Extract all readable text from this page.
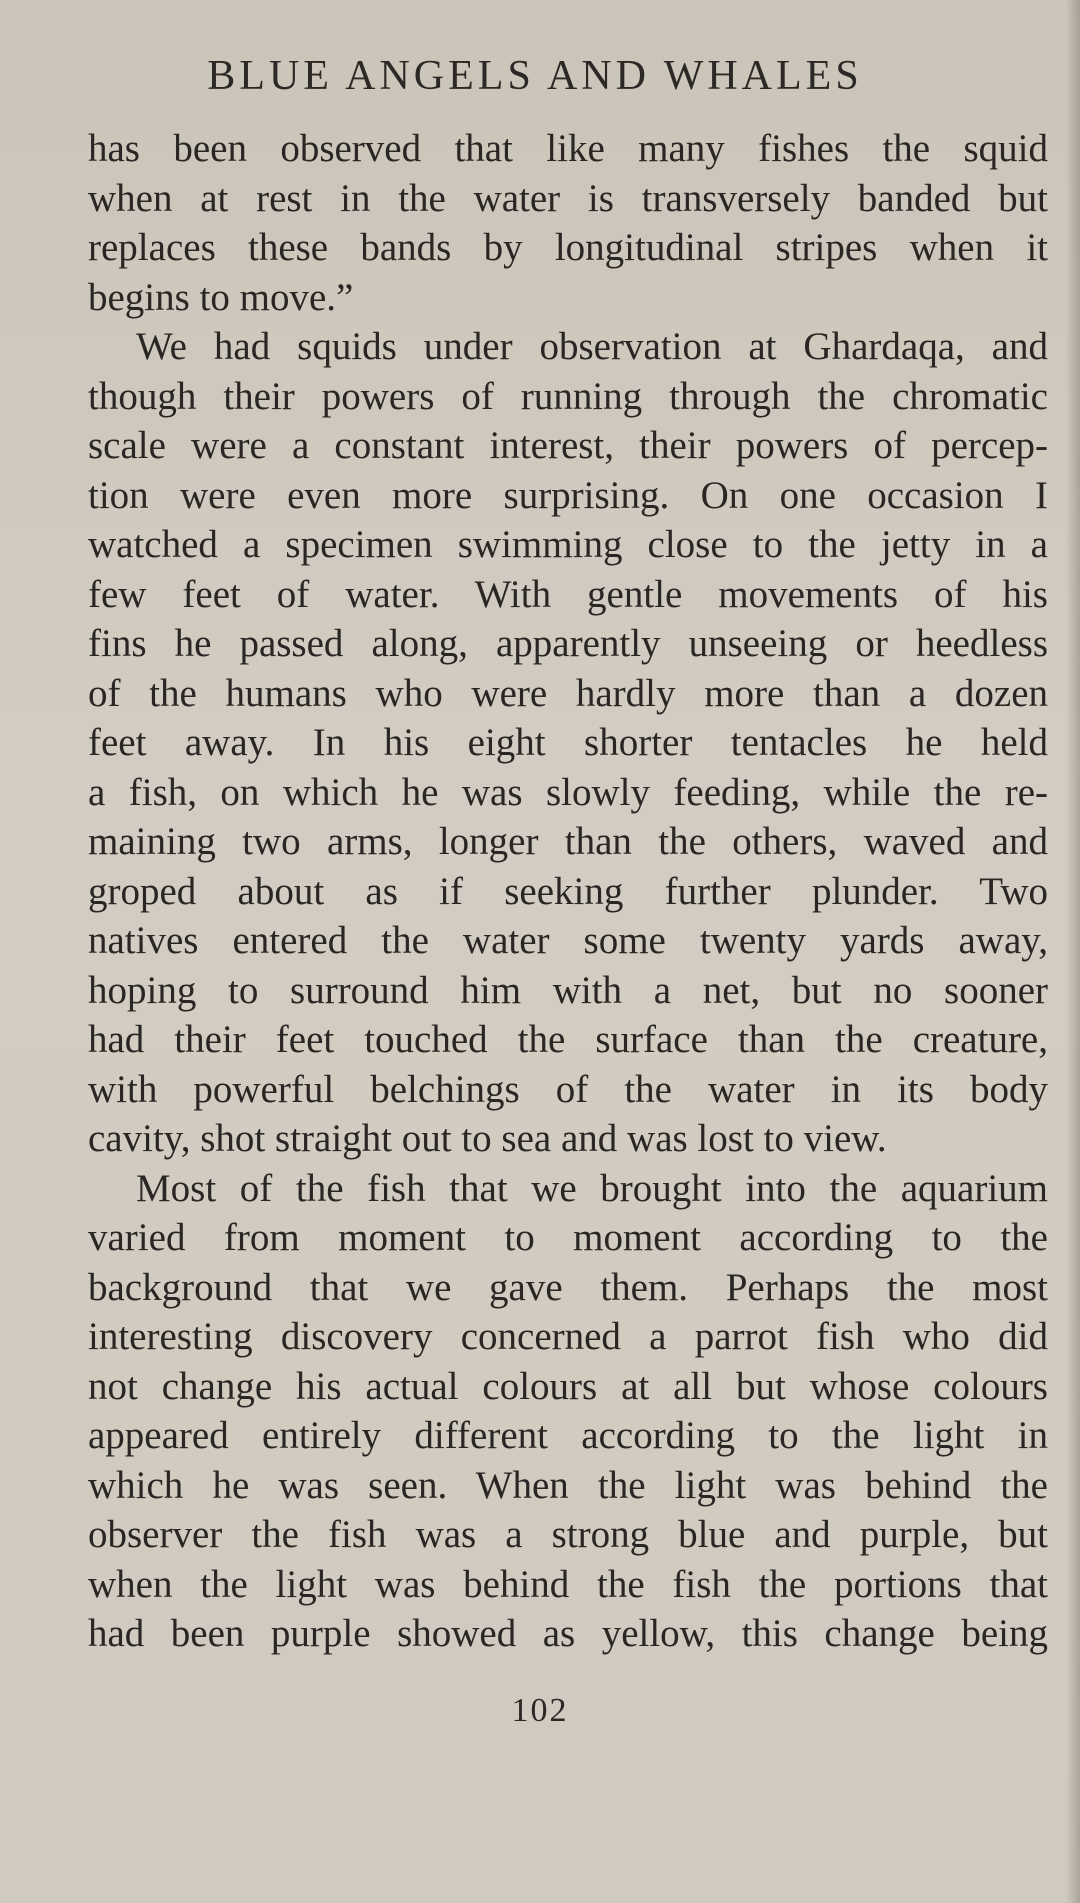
BLUE ANGELS AND WHALES
has been observed that like many fishes the squid
when at rest in the water is transversely banded but
replaces these bands by longitudinal stripes when it
begins to move.”
We had squids under observation at Ghardaqa, and
though their powers of running through the chromatic
scale were a constant interest, their powers of percep-
tion were even more surprising. On one occasion I
watched a specimen swimming close to the jetty in a
few feet of water. With gentle movements of his
fins he passed along, apparently unseeing or heedless
of the humans who were hardly more than a dozen
feet away. In his eight shorter tentacles he held
a fish, on which he was slowly feeding, while the re-
maining two arms, longer than the others, waved and
groped about as if seeking further plunder. Two
natives entered the water some twenty yards away,
hoping to surround him with a net, but no sooner
had their feet touched the surface than the creature,
with powerful belchings of the water in its body
cavity, shot straight out to sea and was lost to view.
Most of the fish that we brought into the aquarium
varied from moment to moment according to the
background that we gave them. Perhaps the most
interesting discovery concerned a parrot fish who did
not change his actual colours at all but whose colours
appeared entirely different according to the light in
which he was seen. When the light was behind the
observer the fish was a strong blue and purple, but
when the light was behind the fish the portions that
had been purple showed as yellow, this change being
102
